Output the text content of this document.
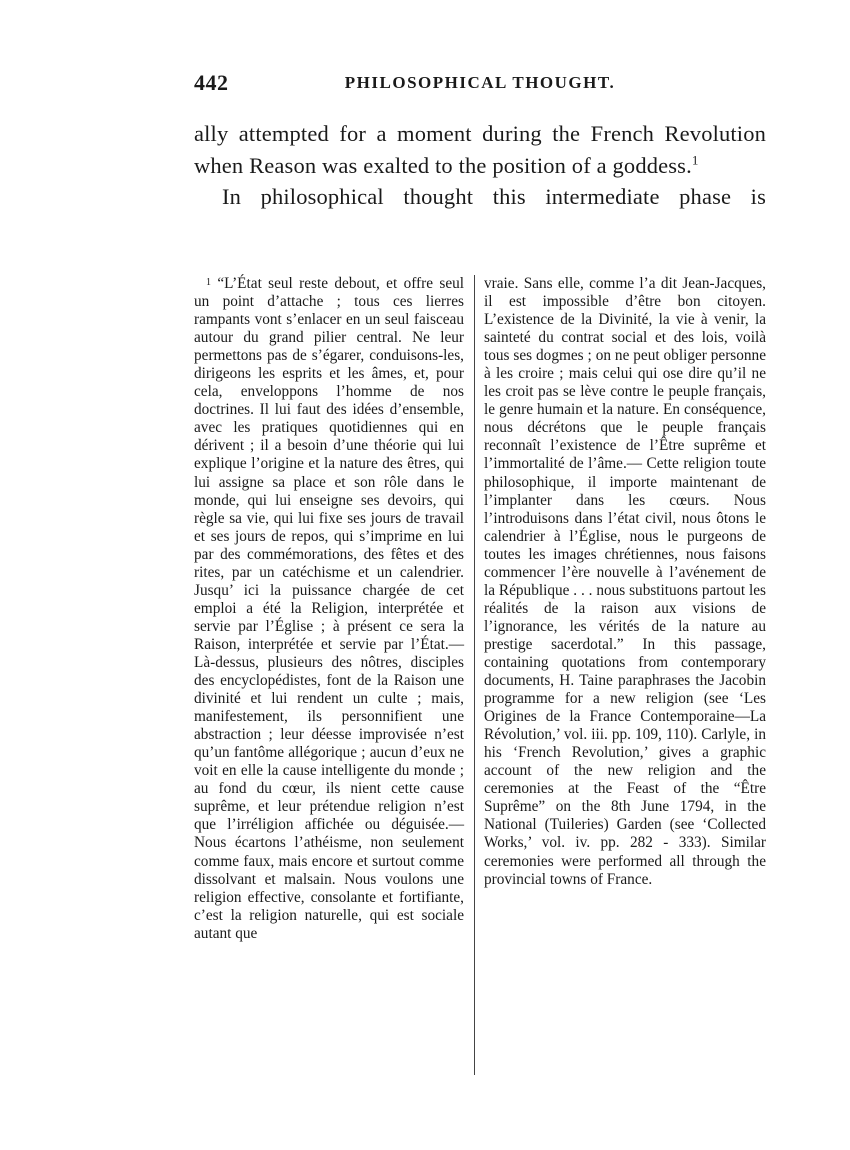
442	PHILOSOPHICAL THOUGHT.

ally attempted for a moment during the French Revolution when Reason was exalted to the position of a goddess.$^1$

In philosophical thought this intermediate phase is

$^1$ “L’État seul reste debout, et offre seul un point d’attache ; tous ces lierres rampants vont s’enlacer en un seul faisceau autour du grand pilier central. Ne leur permettons pas de s’égarer, conduisons-les, dirigeons les esprits et les âmes, et, pour cela, enveloppons l’homme de nos doctrines. Il lui faut des idées d’ensemble, avec les pratiques quotidiennes qui en dérivent ; il a besoin d’une théorie qui lui explique l’origine et la nature des êtres, qui lui assigne sa place et son rôle dans le monde, qui lui enseigne ses devoirs, qui règle sa vie, qui lui fixe ses jours de travail et ses jours de repos, qui s’imprime en lui par des commémorations, des fêtes et des rites, par un catéchisme et un calendrier. Jusqu’ ici la puissance chargée de cet emploi a été la Religion, interprétée et servie par l’Église ; à présent ce sera la Raison, interprétée et servie par l’État.—Là-dessus, plusieurs des nôtres, disciples des encyclopédistes, font de la Raison une divinité et lui rendent un culte ; mais, manifestement, ils personnifient une abstraction ; leur déesse improvisée n’est qu’un fantôme allégorique ; aucun d’eux ne voit en elle la cause intelligente du monde ; au fond du cœur, ils nient cette cause suprême, et leur prétendue religion n’est que l’irréligion affichée ou déguisée.—Nous écartons l’athéisme, non seulement comme faux, mais encore et surtout comme dissolvant et malsain. Nous voulons une religion effective, consolante et fortifiante, c’est la religion naturelle, qui est sociale autant que

vraie. Sans elle, comme l’a dit Jean-Jacques, il est impossible d’être bon citoyen. L’existence de la Divinité, la vie à venir, la sainteté du contrat social et des lois, voilà tous ses dogmes ; on ne peut obliger personne à les croire ; mais celui qui ose dire qu’il ne les croit pas se lève contre le peuple français, le genre humain et la nature. En conséquence, nous décrétons que le peuple français reconnaît l’existence de l’Être suprême et l’immortalité de l’âme.— Cette religion toute philosophique, il importe maintenant de l’implanter dans les cœurs. Nous l’introduisons dans l’état civil, nous ôtons le calendrier à l’Église, nous le purgeons de toutes les images chrétiennes, nous faisons commencer l’ère nouvelle à l’avénement de la République . . . nous substituons partout les réalités de la raison aux visions de l’ignorance, les vérités de la nature au prestige sacerdotal.” In this passage, containing quotations from contemporary documents, H. Taine paraphrases the Jacobin programme for a new religion (see ‘Les Origines de la France Contemporaine—La Révolution,’ vol. iii. pp. 109, 110). Carlyle, in his ‘French Revolution,’ gives a graphic account of the new religion and the ceremonies at the Feast of the “Être Suprême” on the 8th June 1794, in the National (Tuileries) Garden (see ‘Collected Works,’ vol. iv. pp. 282 - 333). Similar ceremonies were performed all through the provincial towns of France.
